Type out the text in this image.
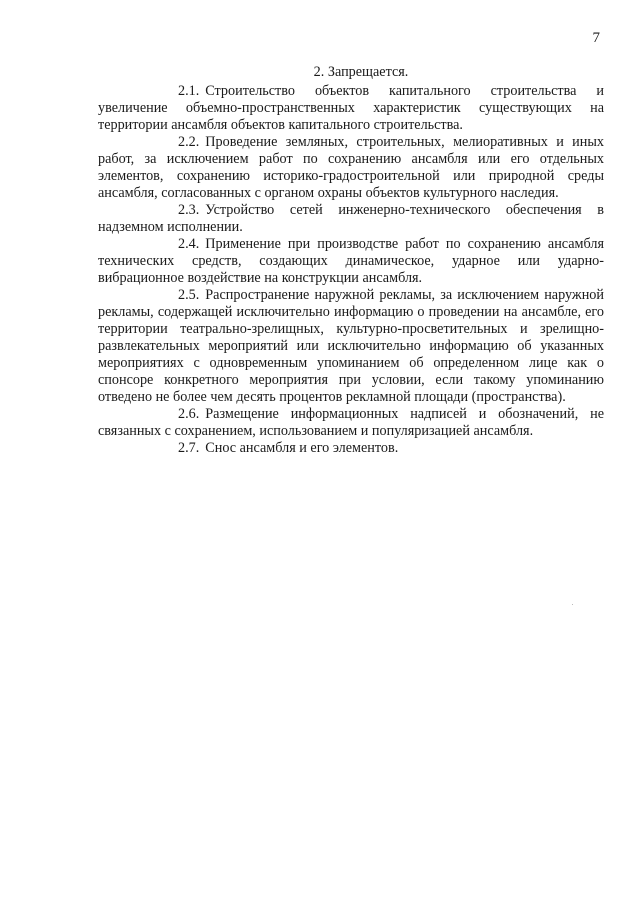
7

2. Запрещается.

2.1. Строительство объектов капитального строительства и увеличение объемно-пространственных характеристик существующих на территории ансамбля объектов капитального строительства.

2.2. Проведение земляных, строительных, мелиоративных и иных работ, за исключением работ по сохранению ансамбля или его отдельных элементов, сохранению историко-градостроительной или природной среды ансамбля, согласованных с органом охраны объектов культурного наследия.

2.3. Устройство сетей инженерно-технического обеспечения в надземном исполнении.

2.4. Применение при производстве работ по сохранению ансамбля технических средств, создающих динамическое, ударное или ударно-вибрационное воздействие на конструкции ансамбля.

2.5. Распространение наружной рекламы, за исключением наружной рекламы, содержащей исключительно информацию о проведении на ансамбле, его территории театрально-зрелищных, культурно-просветительных и зрелищно-развлекательных мероприятий или исключительно информацию об указанных мероприятиях с одновременным упоминанием об определенном лице как о спонсоре конкретного мероприятия при условии, если такому упоминанию отведено не более чем десять процентов рекламной площади (пространства).

2.6. Размещение информационных надписей и обозначений, не связанных с сохранением, использованием и популяризацией ансамбля.

2.7. Снос ансамбля и его элементов.
